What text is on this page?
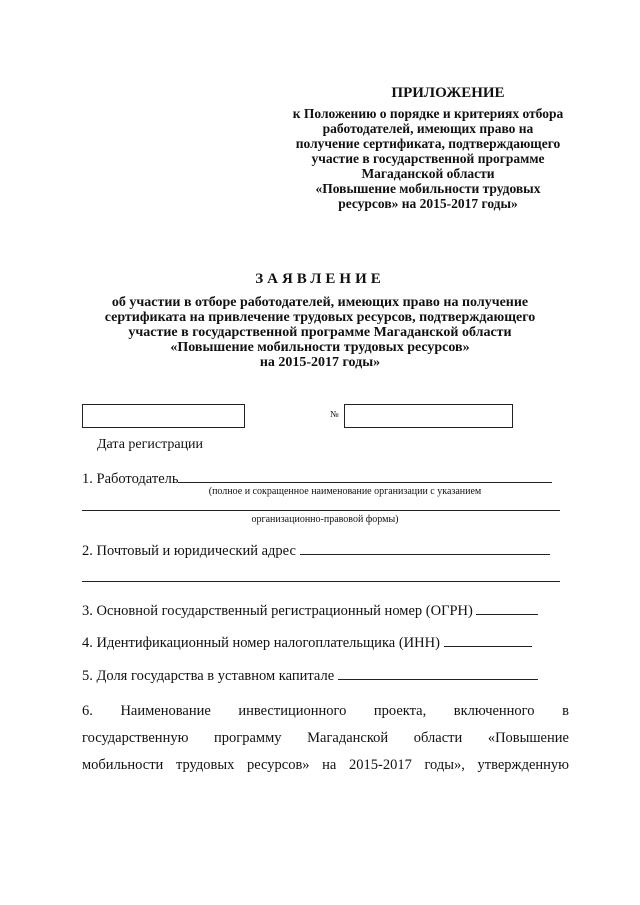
ПРИЛОЖЕНИЕ
к Положению о порядке и критериях отбора
работодателей, имеющих право на
получение сертификата, подтверждающего
участие в государственной программе
Магаданской области
«Повышение мобильности трудовых
ресурсов» на 2015-2017 годы»
ЗАЯВЛЕНИЕ
об участии в отборе работодателей, имеющих право на получение
сертификата на привлечение трудовых ресурсов, подтверждающего
участие в государственной программе Магаданской области
«Повышение мобильности трудовых ресурсов»
на 2015-2017 годы»
№
Дата регистрации
1. Работодатель
(полное и сокращенное наименование организации с указанием
организационно-правовой формы)
2. Почтовый и юридический адрес
3. Основной государственный регистрационный номер (ОГРН)
4. Идентификационный номер налогоплательщика (ИНН)
5. Доля государства в уставном капитале
6. Наименование инвестиционного проекта, включенного в
государственную программу Магаданской области «Повышение
мобильности трудовых ресурсов» на 2015-2017 годы», утвержденную
